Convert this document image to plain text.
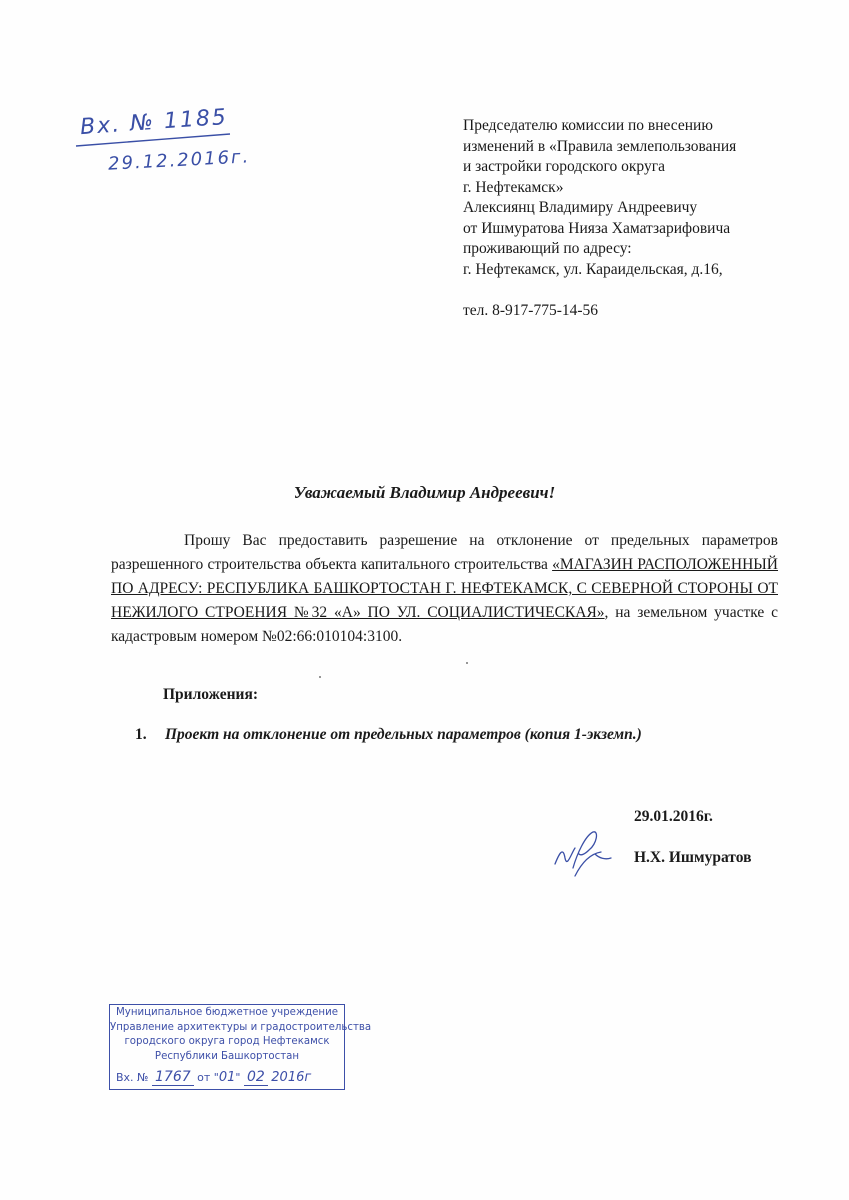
Вх. № 1185
29.12.2016г.
Председателю комиссии по внесению
изменений в «Правила землепользования
и застройки городского округа
г. Нефтекамск»
Алексиянц Владимиру Андреевичу
от Ишмуратова Нияза Хаматзарифовича
проживающий по адресу:
г. Нефтекамск, ул. Караидельская, д.16,
тел. 8-917-775-14-56
Уважаемый Владимир Андреевич!
Прошу Вас предоставить разрешение на отклонение от предельных параметров разрешенного строительства объекта капитального строительства «МАГАЗИН РАСПОЛОЖЕННЫЙ ПО АДРЕСУ: РЕСПУБЛИКА БАШКОРТОСТАН Г. НЕФТЕКАМСК, С СЕВЕРНОЙ СТОРОНЫ ОТ НЕЖИЛОГО СТРОЕНИЯ №32 «А» ПО УЛ. СОЦИАЛИСТИЧЕСКАЯ», на земельном участке с кадастровым номером №02:66:010104:3100.
Приложения:
1. Проект на отклонение от предельных параметров (копия 1-экземп.)
29.01.2016г.
Н.Х. Ишмуратов
Муниципальное бюджетное учреждение
Управление архитектуры и градостроительства
городского округа город Нефтекамск
Республики Башкортостан
Вх. № 1767 от "01" 02 2016г
